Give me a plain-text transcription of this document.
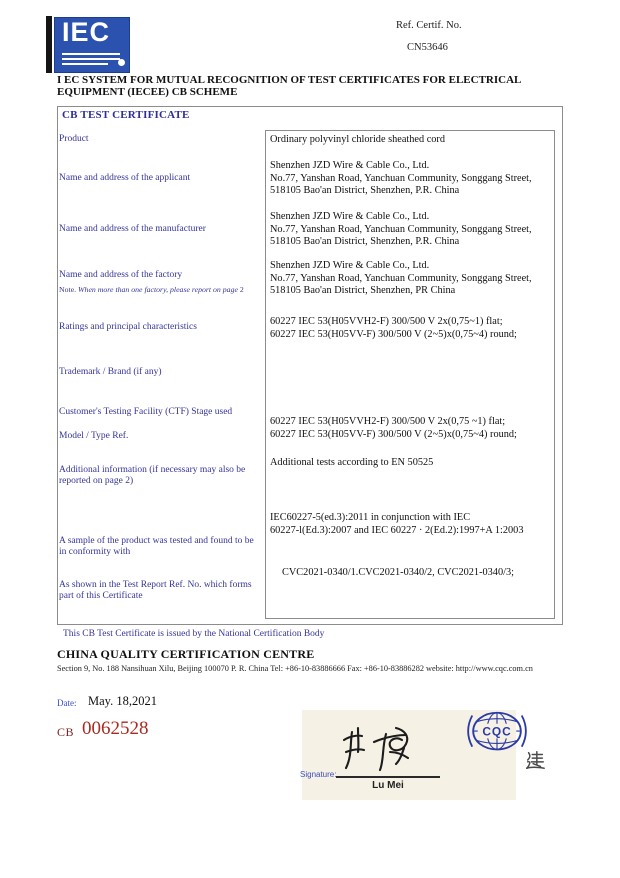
IEC	Ref. Certif. No.
CN53646
I EC SYSTEM FOR MUTUAL RECOGNITION OF TEST CERTIFICATES FOR ELECTRICAL EQUIPMENT (IECEE) CB SCHEME
CB TEST CERTIFICATE
Product
Name and address of the applicant
Name and address of the manufacturer
Name and address of the factory
Note. When more than one factory, please report on page 2
Ratings and principal characteristics
Trademark / Brand (if any)
Customer's Testing Facility (CTF) Stage used
Model / Type Ref.
Additional information (if necessary may also be reported on page 2)
A sample of the product was tested and found to be in conformity with
As shown in the Test Report Ref. No. which forms part of this Certificate
Ordinary polyvinyl chloride sheathed cord
Shenzhen JZD Wire & Cable Co., Ltd.
No.77, Yanshan Road, Yanchuan Community, Songgang Street,
518105 Bao'an District, Shenzhen, P.R. China
Shenzhen JZD Wire & Cable Co., Ltd.
No.77, Yanshan Road, Yanchuan Community, Songgang Street,
518105 Bao'an District, Shenzhen, P.R. China
Shenzhen JZD Wire & Cable Co., Ltd.
No.77, Yanshan Road, Yanchuan Community, Songgang Street,
518105 Bao'an District, Shenzhen, PR China
60227 IEC 53(H05VVH2-F) 300/500 V 2x(0,75~1) flat;
60227 IEC 53(H05VV-F) 300/500 V (2~5)x(0,75~4) round;
60227 IEC 53(H05VVH2-F) 300/500 V 2x(0,75 ~1) flat;
60227 IEC 53(H05VV-F) 300/500 V (2~5)x(0,75~4) round;
Additional tests according to EN 50525
IEC60227-5(ed.3):2011 in conjunction with IEC
60227-l(Ed.3):2007 and IEC 60227 · 2(Ed.2):1997+A 1:2003
CVC2021-0340/1.CVC2021-0340/2, CVC2021-0340/3;
This CB Test Certificate is issued by the National Certification Body
CHINA QUALITY CERTIFICATION CENTRE
Section 9, No. 188 Nansihuan Xilu, Beijing 100070 P. R. China Tel: +86-10-83886666 Fax: +86-10-83886282 website: http://www.cqc.com.cn
Date: May. 18,2021
CB 0062528
Signature:
Lu Mei
CQC
